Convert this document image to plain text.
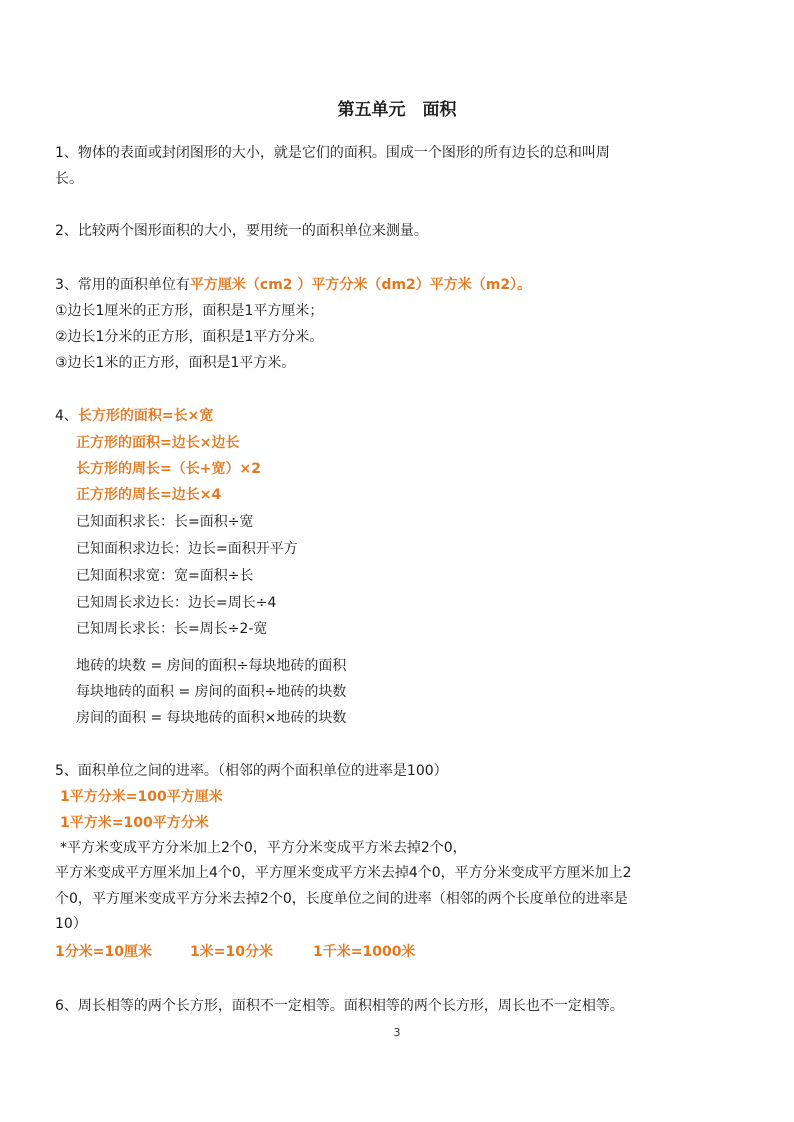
第五单元　面积
1、物体的表面或封闭图形的大小，就是它们的面积。围成一个图形的所有边长的总和叫周
长。
2、比较两个图形面积的大小，要用统一的面积单位来测量。
3、常用的面积单位有平方厘米（cm2 ）平方分米（dm2）平方米（m2）。
①边长1厘米的正方形，面积是1平方厘米；
②边长1分米的正方形，面积是1平方分米。
③边长1米的正方形，面积是1平方米。
4、长方形的面积=长×宽
正方形的面积=边长×边长
长方形的周长=（长+宽）×2
正方形的周长=边长×4
已知面积求长：长=面积÷宽
已知面积求边长：边长=面积开平方
已知面积求宽：宽=面积÷长
已知周长求边长：边长=周长÷4
已知周长求长：长=周长÷2-宽
地砖的块数 = 房间的面积÷每块地砖的面积
每块地砖的面积 = 房间的面积÷地砖的块数
房间的面积 = 每块地砖的面积×地砖的块数
5、面积单位之间的进率。（相邻的两个面积单位的进率是100）
1平方分米=100平方厘米
1平方米=100平方分米
*平方米变成平方分米加上2个0，平方分米变成平方米去掉2个0，
平方米变成平方厘米加上4个0，平方厘米变成平方米去掉4个0，平方分米变成平方厘米加上2
个0，平方厘米变成平方分米去掉2个0，长度单位之间的进率（相邻的两个长度单位的进率是
10）
1分米=10厘米	1米=10分米	1千米=1000米
6、周长相等的两个长方形，面积不一定相等。面积相等的两个长方形，周长也不一定相等。
3
